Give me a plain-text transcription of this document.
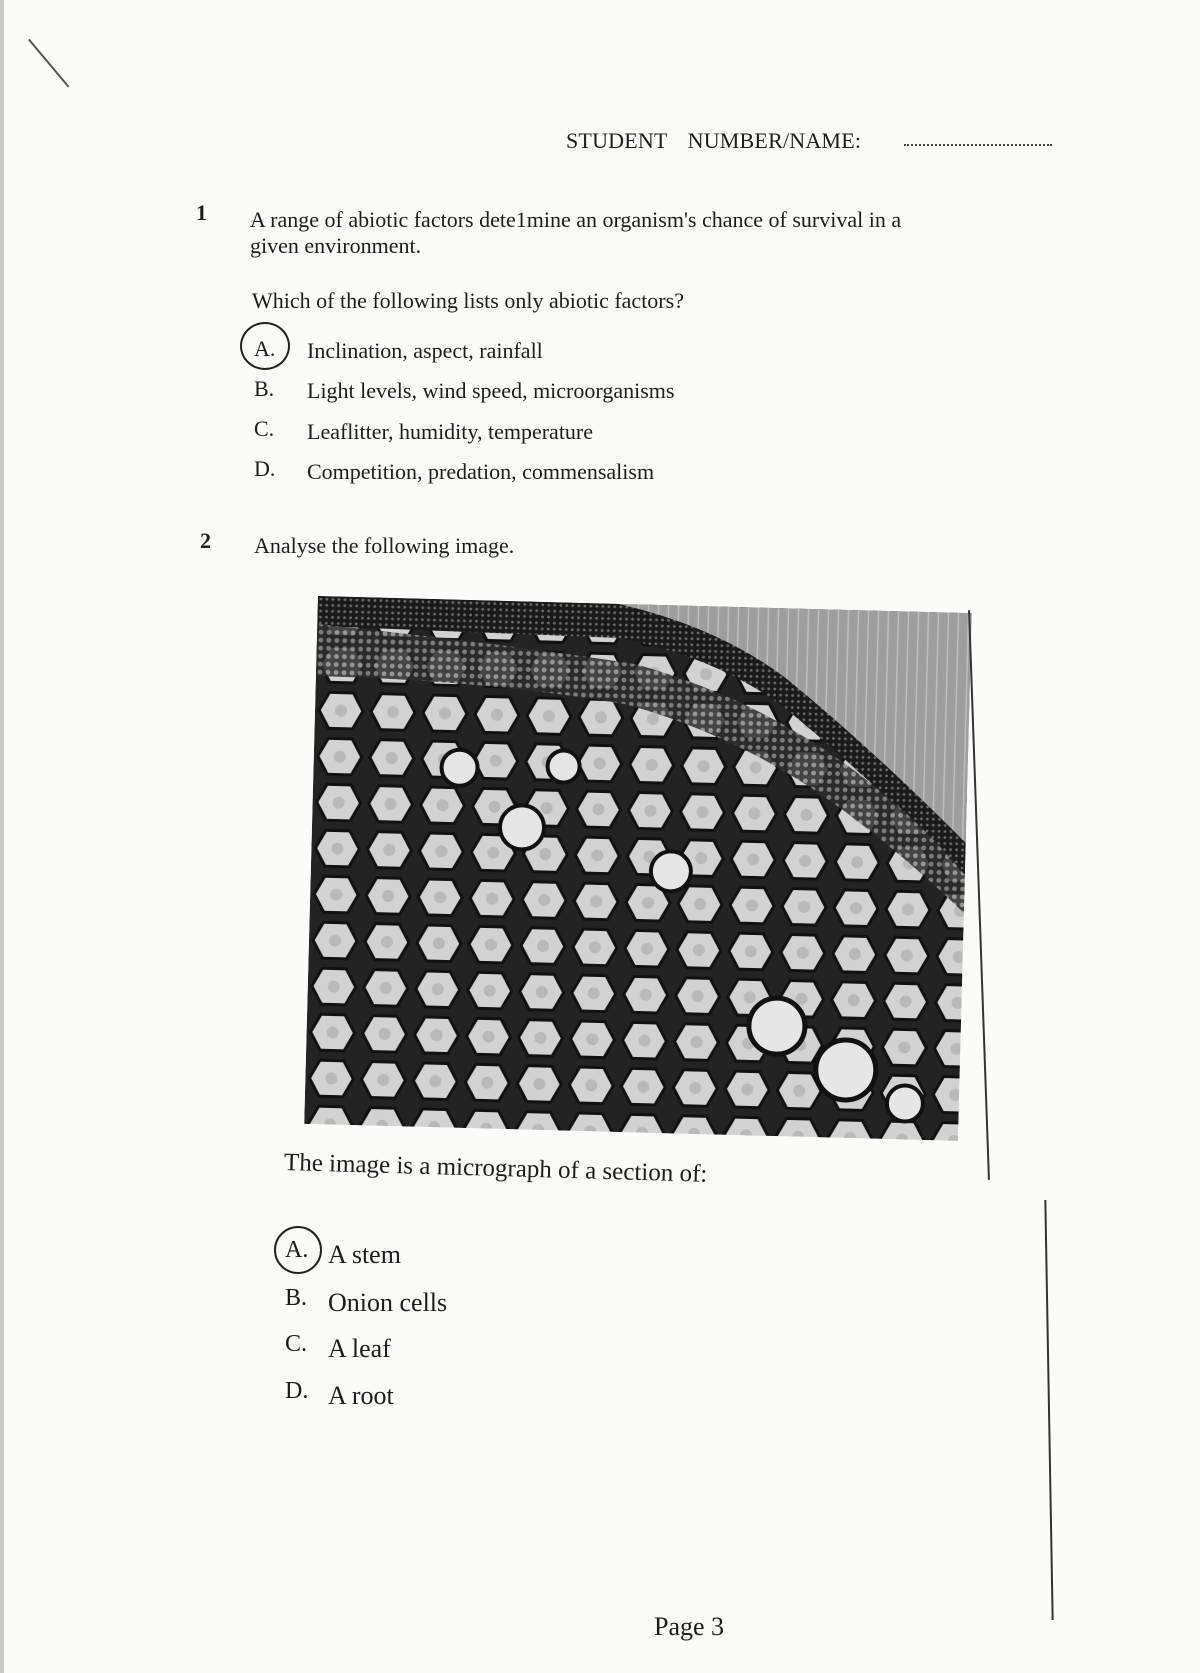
STUDENT NUMBER/NAME:
1 A range of abiotic factors dete1mine an organism's chance of survival in a given environment.
Which of the following lists only abiotic factors?
A. Inclination, aspect, rainfall
B. Light levels, wind speed, microorganisms
C. Leaflitter, humidity, temperature
D. Competition, predation, commensalism
2 Analyse the following image.
The image is a micrograph of a section of:
A. A stem
B. Onion cells
C. A leaf
D. A root
Page 3
